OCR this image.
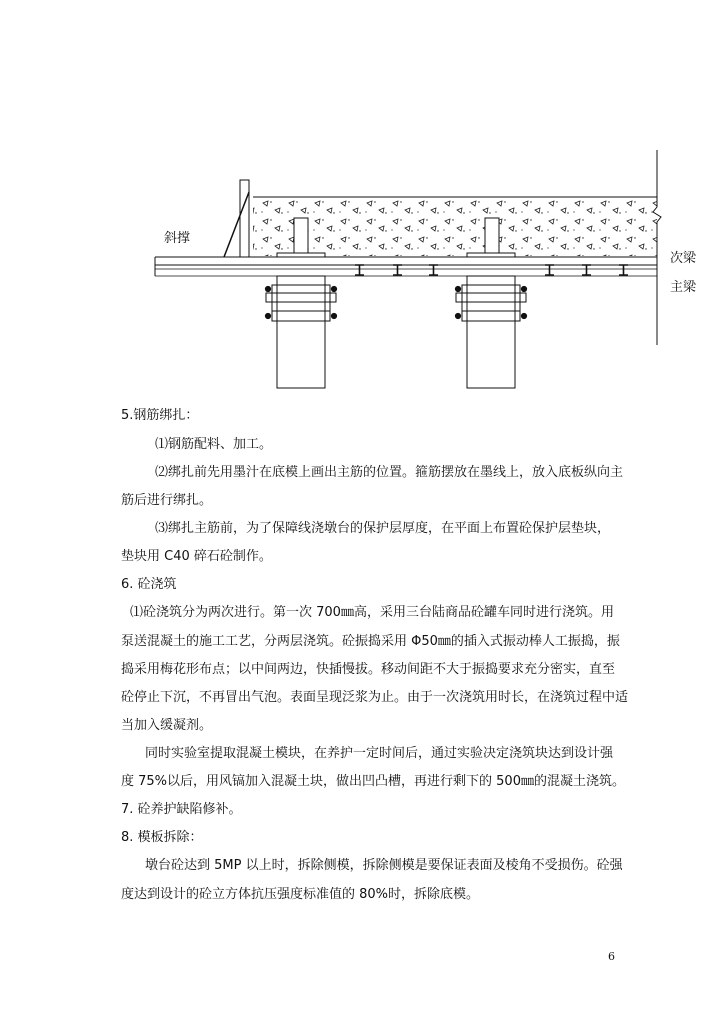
斜撑
次梁
主梁
5.钢筋绑扎：
⑴钢筋配料、加工。
⑵绑扎前先用墨汁在底模上画出主筋的位置。箍筋摆放在墨线上，放入底板纵向主
筋后进行绑扎。
⑶绑扎主筋前，为了保障线浇墩台的保护层厚度，在平面上布置砼保护层垫块，
垫块用 C40 碎石砼制作。
6. 砼浇筑
⑴砼浇筑分为两次进行。第一次 700㎜高，采用三台陆商品砼罐车同时进行浇筑。用
泵送混凝土的施工工艺，分两层浇筑。砼振捣采用 Φ50㎜的插入式振动棒人工振捣，振
捣采用梅花形布点；以中间两边，快插慢拔。移动间距不大于振捣要求充分密实，直至
砼停止下沉，不再冒出气泡。表面呈现泛浆为止。由于一次浇筑用时长，在浇筑过程中适
当加入缓凝剂。
同时实验室提取混凝土模块，在养护一定时间后，通过实验决定浇筑块达到设计强
度 75%以后，用风镐加入混凝土块，做出凹凸槽，再进行剩下的 500㎜的混凝土浇筑。
7. 砼养护缺陷修补。
8. 模板拆除：
墩台砼达到 5MP 以上时，拆除侧模，拆除侧模是要保证表面及棱角不受损伤。砼强
度达到设计的砼立方体抗压强度标准值的 80%时，拆除底模。
6
